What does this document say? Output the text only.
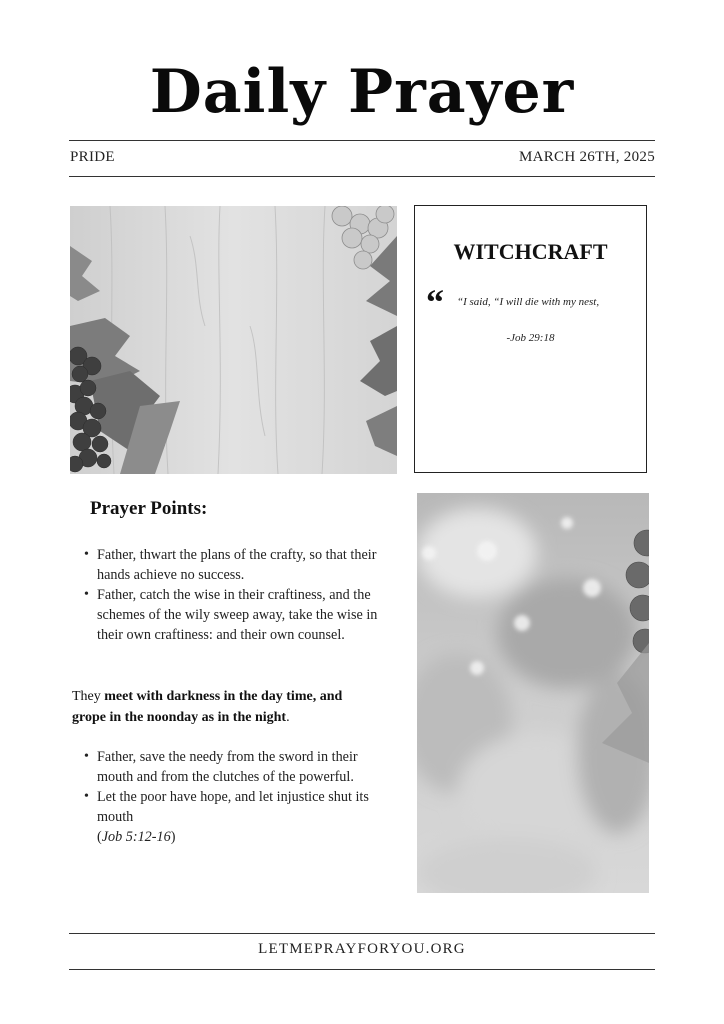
Daily Prayer
PRIDE	MARCH 26TH, 2025
WITCHCRAFT
“ “I said, “I will die with my nest,
-Job 29:18
Prayer Points:
• Father, thwart the plans of the crafty, so that their hands achieve no success.
• Father, catch the wise in their craftiness, and the schemes of the wily sweep away, take the wise in their own craftiness: and their own counsel.
They meet with darkness in the day time, and grope in the noonday as in the night.
• Father, save the needy from the sword in their mouth and from the clutches of the powerful.
• Let the poor have hope, and let injustice shut its mouth
(Job 5:12-16)
LETMEPRAYFORYOU.ORG
